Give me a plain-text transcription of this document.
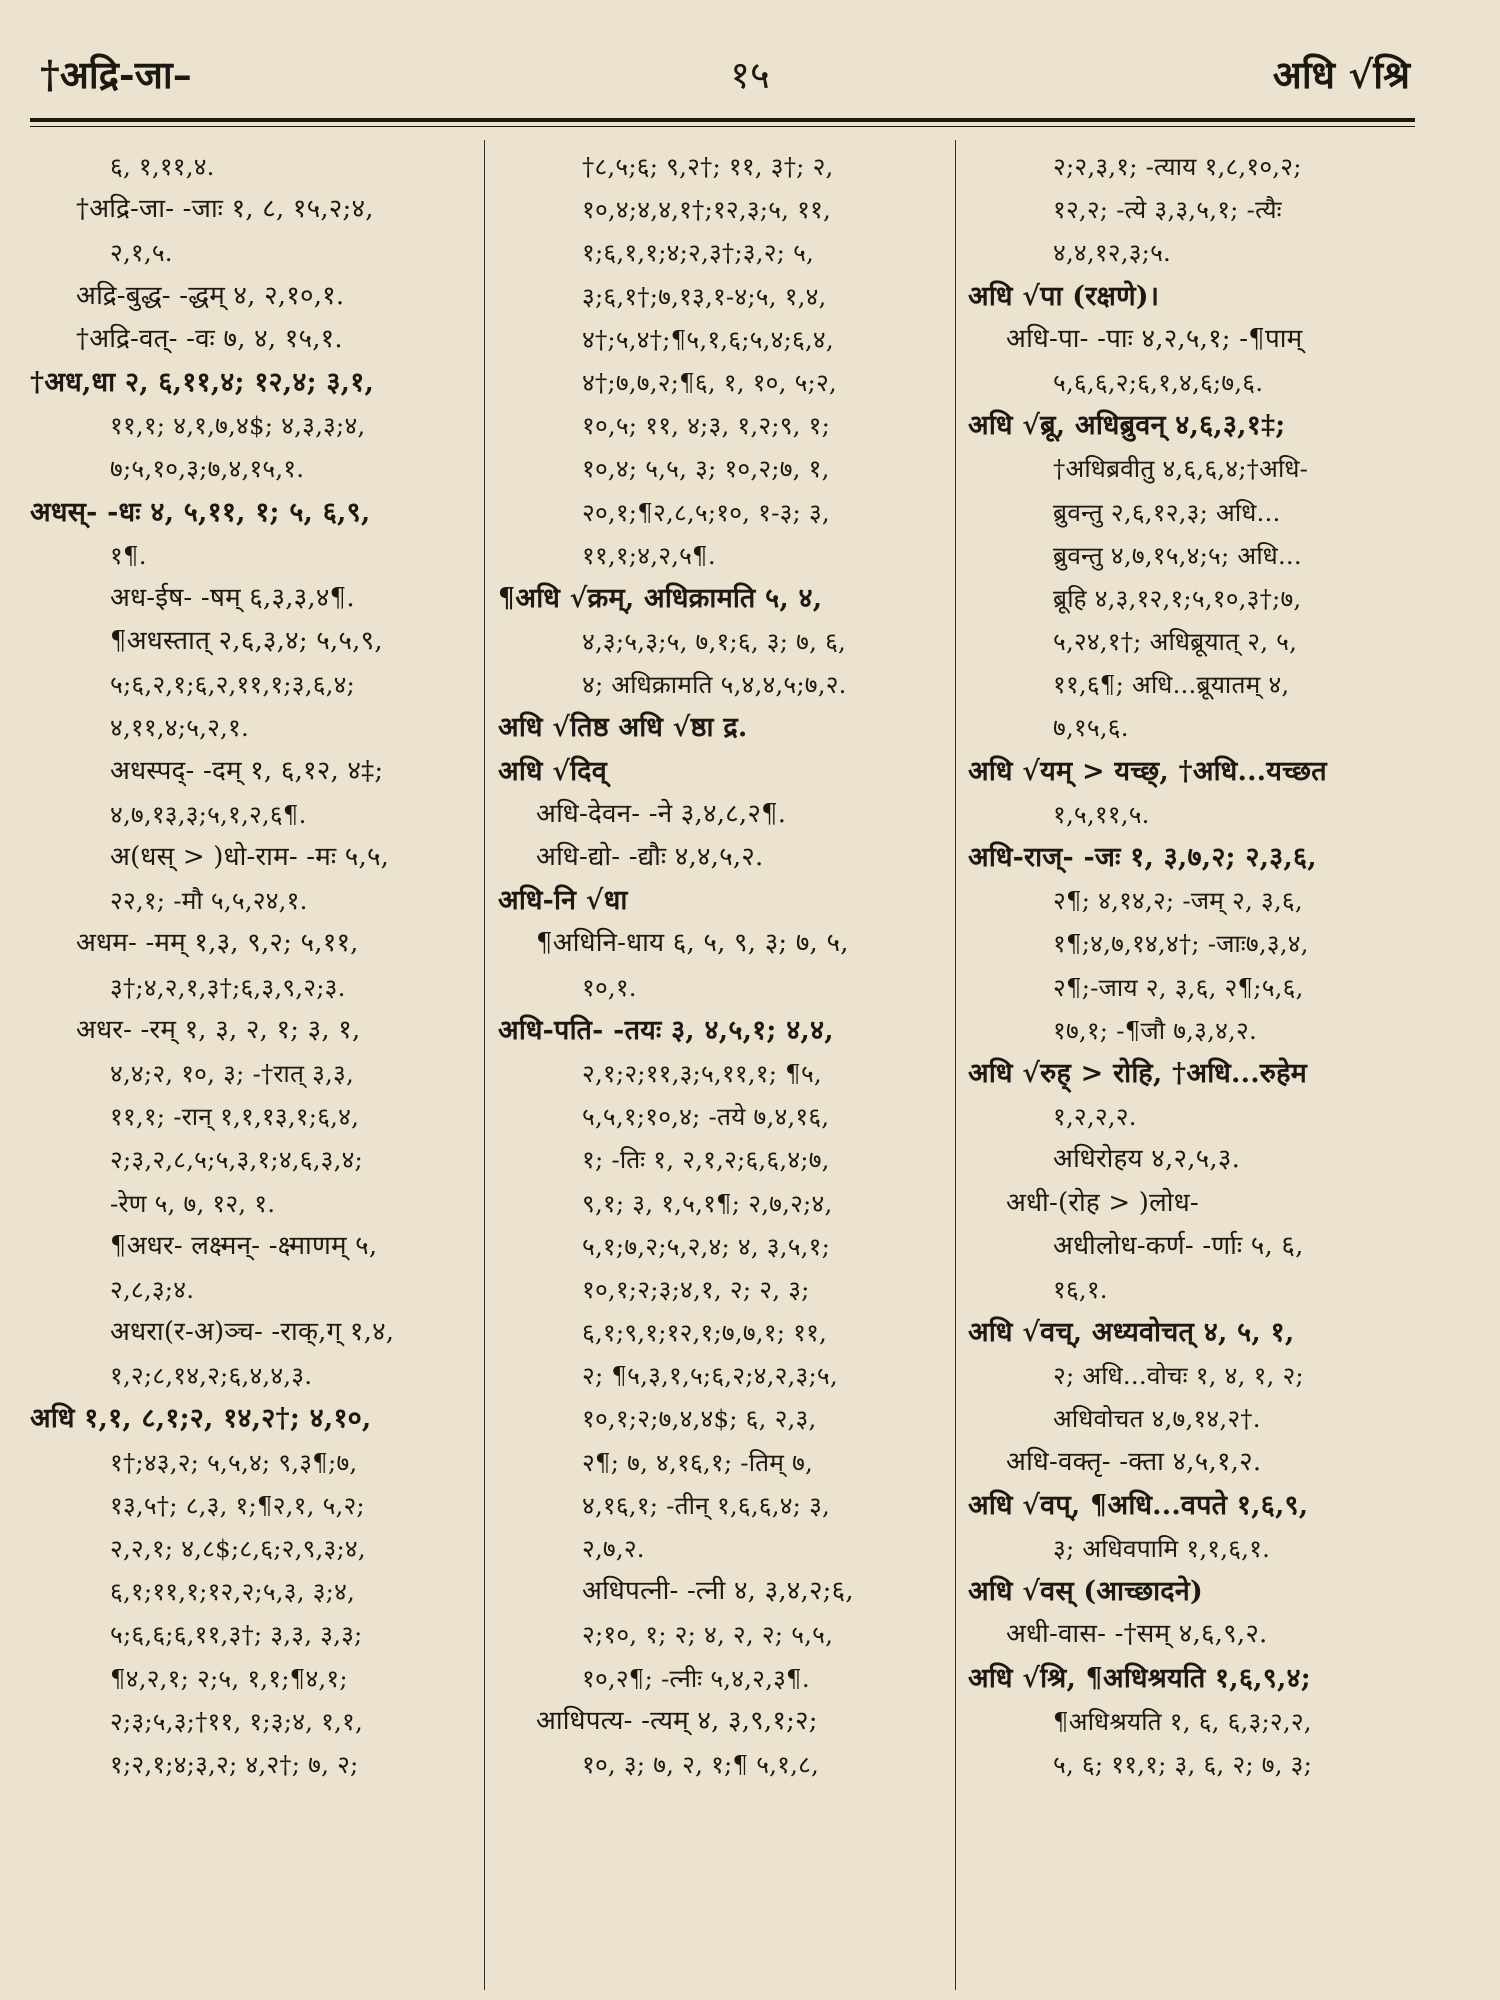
†अद्रि-जा–	१५	अधि √श्रि
६, १,११,४.
†अद्रि-जा- -जाः १, ८, १५,२;४,
२,१,५.
अद्रि-बुद्ध- -द्धम् ४, २,१०,१.
†अद्रि-वत्- -वः ७, ४, १५,१.
†अध,धा २, ६,११,४; १२,४; ३,१,
११,१; ४,१,७,४$; ४,३,३;४,
७;५,१०,३;७,४,१५,१.
अधस्- -धः ४, ५,११, १; ५, ६,९,
१¶.
अध-ईष- -षम् ६,३,३,४¶.
¶अधस्तात् २,६,३,४; ५,५,९,
५;६,२,१;६,२,११,१;३,६,४;
४,११,४;५,२,१.
अधस्पद्- -दम् १, ६,१२, ४‡;
४,७,१३,३;५,१,२,६¶.
अ(धस् > )धो-राम- -मः ५,५,
२२,१; -मौ ५,५,२४,१.
अधम- -मम् १,३, ९,२; ५,११,
३†;४,२,१,३†;६,३,९,२;३.
अधर- -रम् १, ३, २, १; ३, १,
४,४;२, १०, ३; -†रात् ३,३,
११,१; -रान् १,१,१३,१;६,४,
२;३,२,८,५;५,३,१;४,६,३,४;
-रेण ५, ७, १२, १.
¶अधर- लक्ष्मन्- -क्ष्माणम् ५,
२,८,३;४.
अधरा(र-अ)ञ्च- -राक्,ग् १,४,
१,२;८,१४,२;६,४,४,३.
अधि १,१, ८,१;२, १४,२†; ४,१०,
१†;४३,२; ५,५,४; ९,३¶;७,
१३,५†; ८,३, १;¶२,१, ५,२;
२,२,१; ४,८$;८,६;२,९,३;४,
६,१;११,१;१२,२;५,३, ३;४,
५;६,६;६,११,३†; ३,३, ३,३;
¶४,२,१; २;५, १,१;¶४,१;
२;३;५,३;†११, १;३;४, १,१,
१;२,१;४;३,२; ४,२†; ७, २;
†८,५;६; ९,२†; ११, ३†; २,
१०,४;४,४,१†;१२,३;५, ११,
१;६,१,१;४;२,३†;३,२; ५,
३;६,१†;७,१३,१-४;५, १,४,
४†;५,४†;¶५,१,६;५,४;६,४,
४†;७,७,२;¶६, १, १०, ५;२,
१०,५; ११, ४;३, १,२;९, १;
१०,४; ५,५, ३; १०,२;७, १,
२०,१;¶२,८,५;१०, १-३; ३,
११,१;४,२,५¶.
¶अधि √क्रम्, अधिक्रामति ५, ४,
४,३;५,३;५, ७,१;६, ३; ७, ६,
४; अधिक्रामति ५,४,४,५;७,२.
अधि √तिष्ठ अधि √ष्ठा द्र.
अधि √दिव्
अधि-देवन- -ने ३,४,८,२¶.
अधि-द्यो- -द्यौः ४,४,५,२.
अधि-नि √धा
¶अधिनि-धाय ६, ५, ९, ३; ७, ५,
१०,१.
अधि-पति- -तयः ३, ४,५,१; ४,४,
२,१;२;११,३;५,११,१; ¶५,
५,५,१;१०,४; -तये ७,४,१६,
१; -तिः १, २,१,२;६,६,४;७,
९,१; ३, १,५,१¶; २,७,२;४,
५,१;७,२;५,२,४; ४, ३,५,१;
१०,१;२;३;४,१, २; २, ३;
६,१;९,१;१२,१;७,७,१; ११,
२; ¶५,३,१,५;६,२;४,२,३;५,
१०,१;२;७,४,४$; ६, २,३,
२¶; ७, ४,१६,१; -तिम् ७,
४,१६,१; -तीन् १,६,६,४; ३,
२,७,२.
अधिपत्नी- -त्नी ४, ३,४,२;६,
२;१०, १; २; ४, २, २; ५,५,
१०,२¶; -त्नीः ५,४,२,३¶.
आधिपत्य- -त्यम् ४, ३,९,१;२;
१०, ३; ७, २, १;¶ ५,१,८,
२;२,३,१; -त्याय १,८,१०,२;
१२,२; -त्ये ३,३,५,१; -त्यैः
४,४,१२,३;५.
अधि √पा (रक्षणे)।
अधि-पा- -पाः ४,२,५,१; -¶पाम्
५,६,६,२;६,१,४,६;७,६.
अधि √ब्रू, अधिब्रुवन् ४,६,३,१‡;
†अधिब्रवीतु ४,६,६,४;†अधि-
ब्रुवन्तु २,६,१२,३; अधि...
ब्रुवन्तु ४,७,१५,४;५; अधि...
ब्रूहि ४,३,१२,१;५,१०,३†;७,
५,२४,१†; अधिब्रूयात् २, ५,
११,६¶; अधि...ब्रूयातम् ४,
७,१५,६.
अधि √यम् > यच्छ्, †अधि...यच्छत
१,५,११,५.
अधि-राज्- -जः १, ३,७,२; २,३,६,
२¶; ४,१४,२; -जम् २, ३,६,
१¶;४,७,१४,४†; -जाः७,३,४,
२¶;-जाय २, ३,६, २¶;५,६,
१७,१; -¶जौ ७,३,४,२.
अधि √रुह् > रोहि, †अधि...रुहेम
१,२,२,२.
अधिरोहय ४,२,५,३.
अधी-(रोह > )लोध-
अधीलोध-कर्ण- -र्णाः ५, ६,
१६,१.
अधि √वच्, अध्यवोचत् ४, ५, १,
२; अधि...वोचः १, ४, १, २;
अधिवोचत ४,७,१४,२†.
अधि-वक्तृ- -क्ता ४,५,१,२.
अधि √वप्, ¶अधि...वपते १,६,९,
३; अधिवपामि १,१,६,१.
अधि √वस् (आच्छादने)
अधी-वास- -†सम् ४,६,९,२.
अधि √श्रि, ¶अधिश्रयति १,६,९,४;
¶अधिश्रयति १, ६, ६,३;२,२,
५, ६; ११,१; ३, ६, २; ७, ३;
